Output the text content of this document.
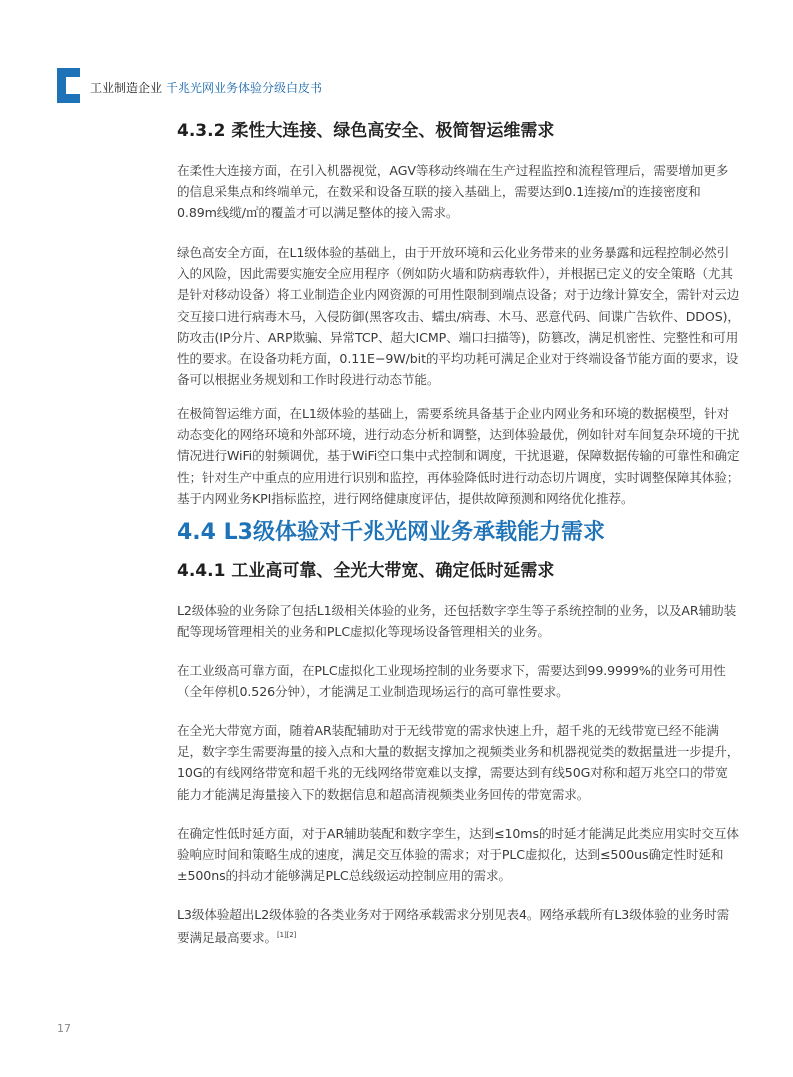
工业制造企业 千兆光网业务体验分级白皮书
4.3.2 柔性大连接、绿色高安全、极简智运维需求

在柔性大连接方面，在引入机器视觉，AGV等移动终端在生产过程监控和流程管理后，需要增加更多的信息采集点和终端单元，在数采和设备互联的接入基础上，需要达到0.1连接/㎡的连接密度和0.89m线缆/㎡的覆盖才可以满足整体的接入需求。

绿色高安全方面，在L1级体验的基础上，由于开放环境和云化业务带来的业务暴露和远程控制必然引入的风险，因此需要实施安全应用程序（例如防火墙和防病毒软件），并根据已定义的安全策略（尤其是针对移动设备）将工业制造企业内网资源的可用性限制到端点设备；对于边缘计算安全，需针对云边交互接口进行病毒木马，入侵防御(黑客攻击、蠕虫/病毒、木马、恶意代码、间谍广告软件、DDOS)，防攻击(IP分片、ARP欺骗、异常TCP、超大ICMP、端口扫描等)，防篡改，满足机密性、完整性和可用性的要求。在设备功耗方面，0.11E−9W/bit的平均功耗可满足企业对于终端设备节能方面的要求，设备可以根据业务规划和工作时段进行动态节能。

在极简智运维方面，在L1级体验的基础上，需要系统具备基于企业内网业务和环境的数据模型，针对动态变化的网络环境和外部环境，进行动态分析和调整，达到体验最优，例如针对车间复杂环境的干扰情况进行WiFi的射频调优，基于WiFi空口集中式控制和调度，干扰退避，保障数据传输的可靠性和确定性；针对生产中重点的应用进行识别和监控，再体验降低时进行动态切片调度，实时调整保障其体验；基于内网业务KPI指标监控，进行网络健康度评估，提供故障预测和网络优化推荐。

4.4 L3级体验对千兆光网业务承载能力需求
4.4.1 工业高可靠、全光大带宽、确定低时延需求

L2级体验的业务除了包括L1级相关体验的业务，还包括数字孪生等子系统控制的业务，以及AR辅助装配等现场管理相关的业务和PLC虚拟化等现场设备管理相关的业务。

在工业级高可靠方面，在PLC虚拟化工业现场控制的业务要求下，需要达到99.9999%的业务可用性（全年停机0.526分钟），才能满足工业制造现场运行的高可靠性要求。

在全光大带宽方面，随着AR装配辅助对于无线带宽的需求快速上升，超千兆的无线带宽已经不能满足，数字孪生需要海量的接入点和大量的数据支撑加之视频类业务和机器视觉类的数据量进一步提升，10G的有线网络带宽和超千兆的无线网络带宽难以支撑，需要达到有线50G对称和超万兆空口的带宽能力才能满足海量接入下的数据信息和超高清视频类业务回传的带宽需求。

在确定性低时延方面，对于AR辅助装配和数字孪生，达到≤10ms的时延才能满足此类应用实时交互体验响应时间和策略生成的速度，满足交互体验的需求；对于PLC虚拟化，达到≤500us确定性时延和±500ns的抖动才能够满足PLC总线级运动控制应用的需求。

L3级体验超出L2级体验的各类业务对于网络承载需求分别见表4。网络承载所有L3级体验的业务时需要满足最高要求。[1][2]

17
